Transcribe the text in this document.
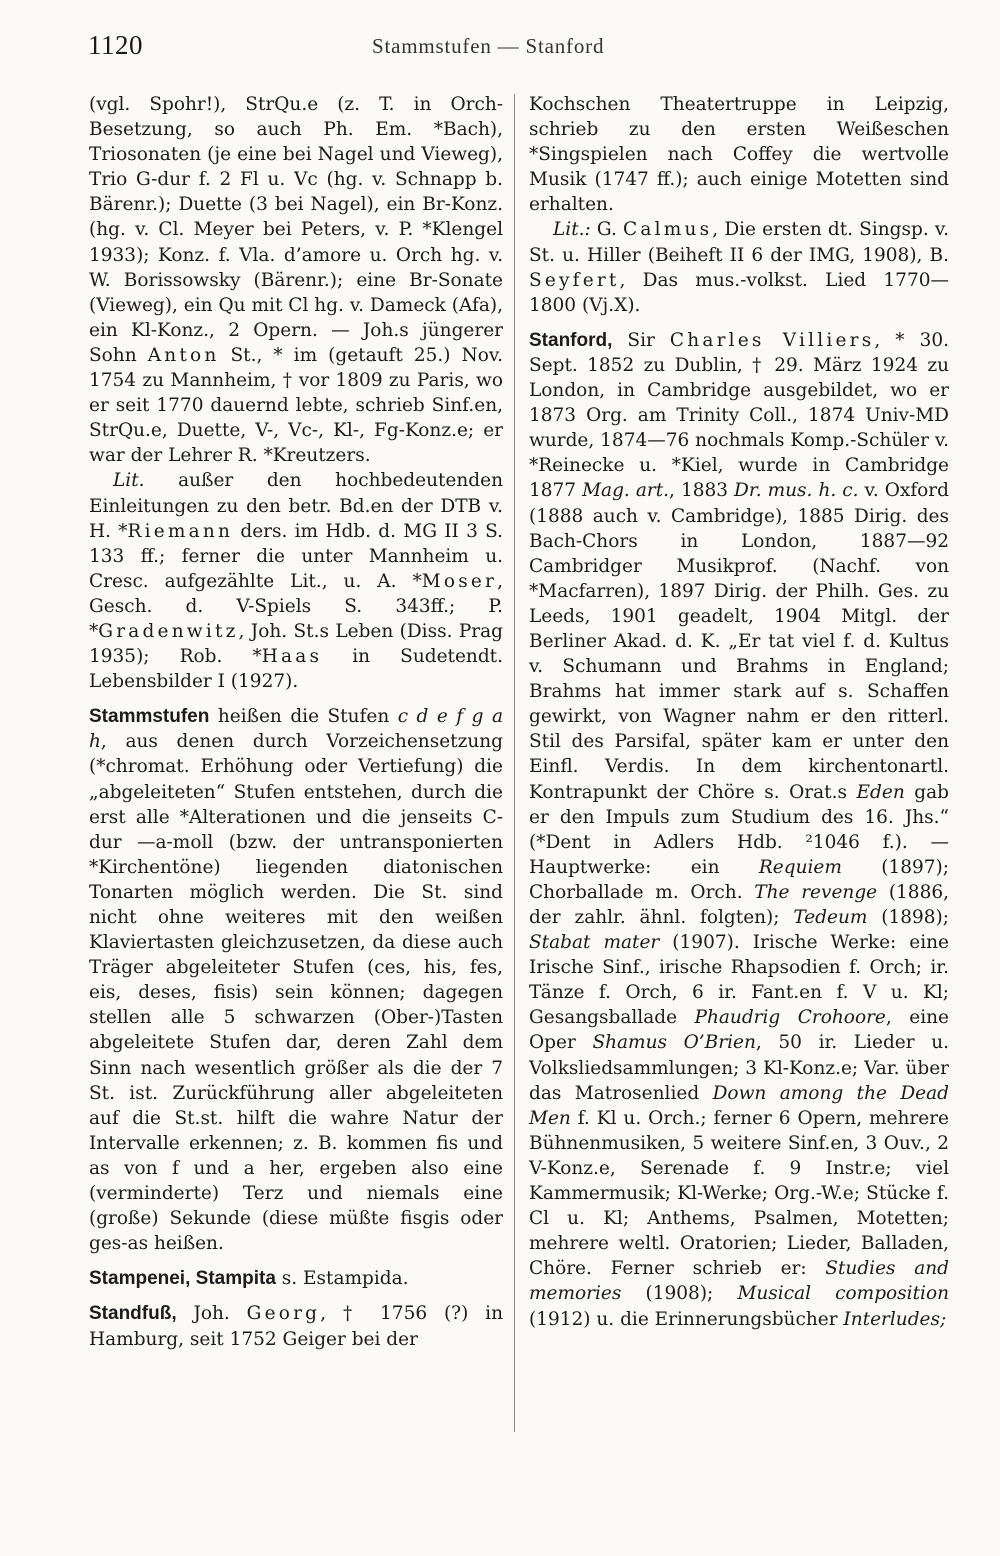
1120	Stammstufen — Stanford

(vgl. Spohr!), StrQu.e (z. T. in Orch-Besetzung, so auch Ph. Em. *Bach), Triosonaten (je eine bei Nagel und Vieweg), Trio G-dur f. 2 Fl u. Vc (hg. v. Schnapp b. Bärenr.); Duette (3 bei Nagel), ein Br-Konz. (hg. v. Cl. Meyer bei Peters, v. P. *Klengel 1933); Konz. f. Vla. d’amore u. Orch hg. v. W. Borissowsky (Bärenr.); eine Br-Sonate (Vieweg), ein Qu mit Cl hg. v. Dameck (Afa), ein Kl-Konz., 2 Opern. — Joh.s jüngerer Sohn Anton St., * im (getauft 25.) Nov. 1754 zu Mannheim, † vor 1809 zu Paris, wo er seit 1770 dauernd lebte, schrieb Sinf.en, StrQu.e, Duette, V-, Vc-, Kl-, Fg-Konz.e; er war der Lehrer R. *Kreutzers.

Lit. außer den hochbedeutenden Einleitungen zu den betr. Bd.en der DTB v. H. *Riemann ders. im Hdb. d. MG II 3 S. 133 ff.; ferner die unter Mannheim u. Cresc. aufgezählte Lit., u. A. *Moser, Gesch. d. V-Spiels S. 343ff.; P. *Gradenwitz, Joh. St.s Leben (Diss. Prag 1935); Rob. *Haas in Sudetendt. Lebensbilder I (1927).

Stammstufen heißen die Stufen c d e f g a h, aus denen durch Vorzeichensetzung (*chromat. Erhöhung oder Vertiefung) die „abgeleiteten“ Stufen entstehen, durch die erst alle *Alterationen und die jenseits C-dur —a-moll (bzw. der untransponierten *Kirchentöne) liegenden diatonischen Tonarten möglich werden. Die St. sind nicht ohne weiteres mit den weißen Klaviertasten gleichzusetzen, da diese auch Träger abgeleiteter Stufen (ces, his, fes, eis, deses, fisis) sein können; dagegen stellen alle 5 schwarzen (Ober-)Tasten abgeleitete Stufen dar, deren Zahl dem Sinn nach wesentlich größer als die der 7 St. ist. Zurückführung aller abgeleiteten auf die St.st. hilft die wahre Natur der Intervalle erkennen; z. B. kommen fis und as von f und a her, ergeben also eine (verminderte) Terz und niemals eine (große) Sekunde (diese müßte fisgis oder ges-as heißen.

Stampenei, Stampita s. Estampida.

Standfuß, Joh. Georg, † 1756 (?) in Hamburg, seit 1752 Geiger bei der

Kochschen Theatertruppe in Leipzig, schrieb zu den ersten Weißeschen *Singspielen nach Coffey die wertvolle Musik (1747 ff.); auch einige Motetten sind erhalten.

Lit.: G. Calmus, Die ersten dt. Singsp. v. St. u. Hiller (Beiheft II 6 der IMG, 1908), B. Seyfert, Das mus.-volkst. Lied 1770—1800 (Vj.X).

Stanford, Sir Charles Villiers, * 30. Sept. 1852 zu Dublin, † 29. März 1924 zu London, in Cambridge ausgebildet, wo er 1873 Org. am Trinity Coll., 1874 Univ-MD wurde, 1874—76 nochmals Komp.-Schüler v. *Reinecke u. *Kiel, wurde in Cambridge 1877 Mag. art., 1883 Dr. mus. h. c. v. Oxford (1888 auch v. Cambridge), 1885 Dirig. des Bach-Chors in London, 1887—92 Cambridger Musikprof. (Nachf. von *Macfarren), 1897 Dirig. der Philh. Ges. zu Leeds, 1901 geadelt, 1904 Mitgl. der Berliner Akad. d. K. „Er tat viel f. d. Kultus v. Schumann und Brahms in England; Brahms hat immer stark auf s. Schaffen gewirkt, von Wagner nahm er den ritterl. Stil des Parsifal, später kam er unter den Einfl. Verdis. In dem kirchentonartl. Kontrapunkt der Chöre s. Orat.s Eden gab er den Impuls zum Studium des 16. Jhs.“ (*Dent in Adlers Hdb. ²1046 f.). — Hauptwerke: ein Requiem (1897); Chorballade m. Orch. The revenge (1886, der zahlr. ähnl. folgten); Tedeum (1898); Stabat mater (1907). Irische Werke: eine Irische Sinf., irische Rhapsodien f. Orch; ir. Tänze f. Orch, 6 ir. Fant.en f. V u. Kl; Gesangsballade Phaudrig Crohoore, eine Oper Shamus O’Brien, 50 ir. Lieder u. Volksliedsammlungen; 3 Kl-Konz.e; Var. über das Matrosenlied Down among the Dead Men f. Kl u. Orch.; ferner 6 Opern, mehrere Bühnenmusiken, 5 weitere Sinf.en, 3 Ouv., 2 V-Konz.e, Serenade f. 9 Instr.e; viel Kammermusik; Kl-Werke; Org.-W.e; Stücke f. Cl u. Kl; Anthems, Psalmen, Motetten; mehrere weltl. Oratorien; Lieder, Balladen, Chöre. Ferner schrieb er: Studies and memories (1908); Musical composition (1912) u. die Erinnerungsbücher Interludes;
